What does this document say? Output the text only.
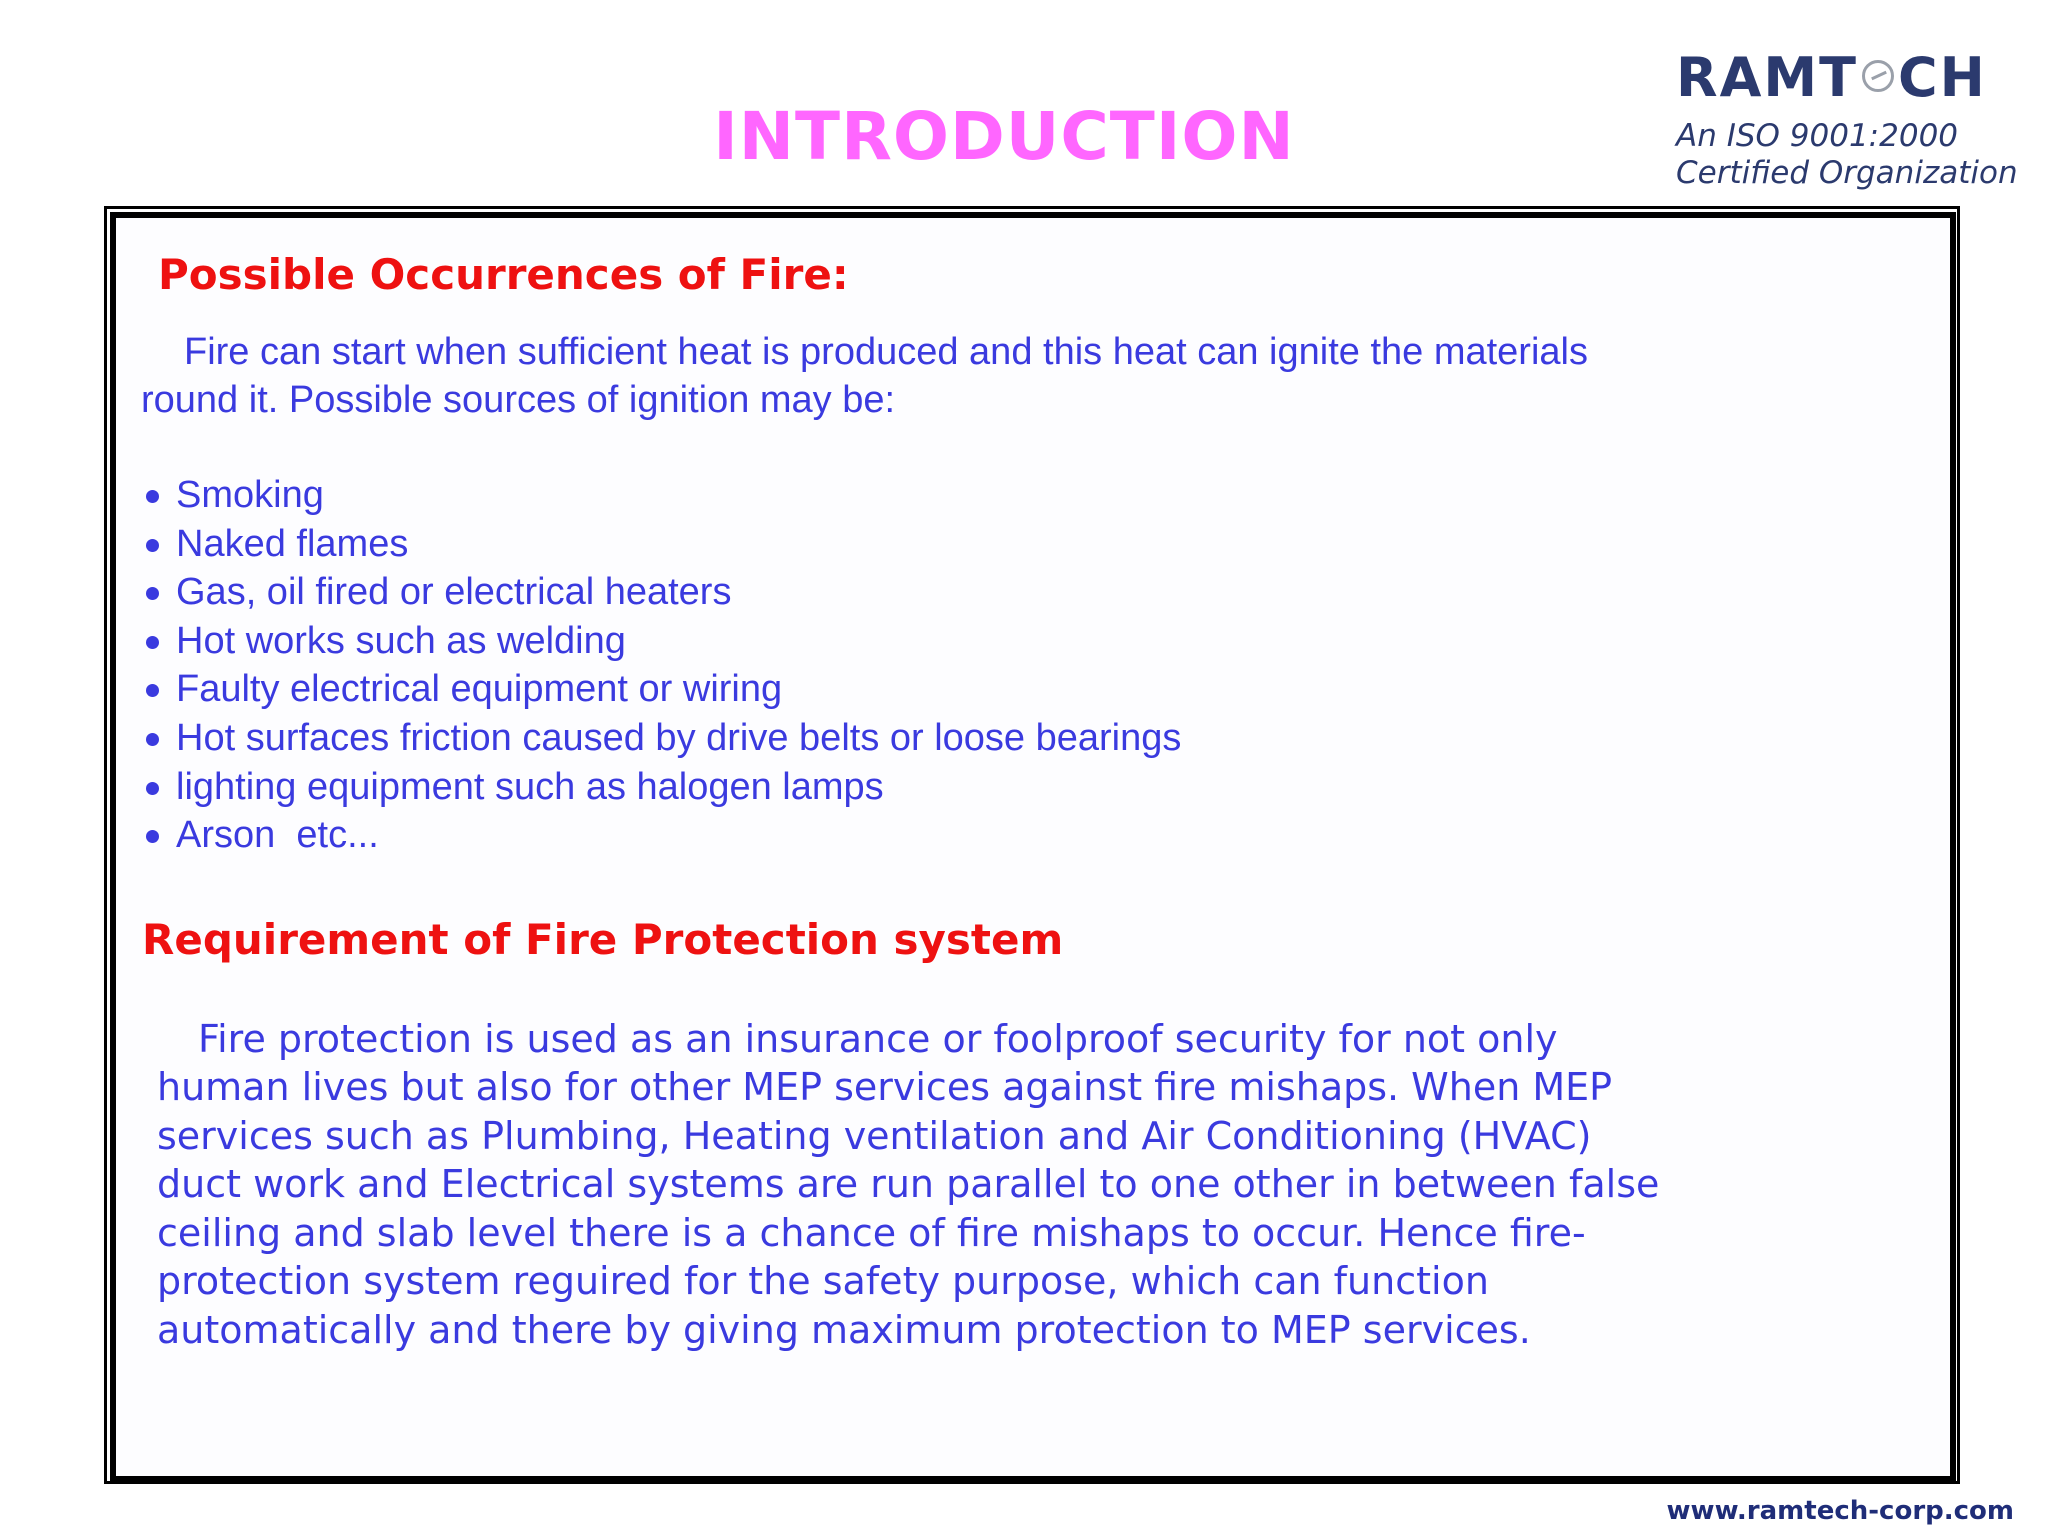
INTRODUCTION
RAMT CH
An ISO 9001:2000
Certified Organization
Possible Occurrences of Fire:
Fire can start when sufficient heat is produced and this heat can ignite the materials
round it. Possible sources of ignition may be:
Smoking
Naked flames
Gas, oil fired or electrical heaters
Hot works such as welding
Faulty electrical equipment or wiring
Hot surfaces friction caused by drive belts or loose bearings
lighting equipment such as halogen lamps
Arson  etc...
Requirement of Fire Protection system
Fire protection is used as an insurance or foolproof security for not only
human lives but also for other MEP services against fire mishaps. When MEP
services such as Plumbing, Heating ventilation and Air Conditioning (HVAC)
duct work and Electrical systems are run parallel to one other in between false
ceiling and slab level there is a chance of fire mishaps to occur. Hence fire-
protection system reguired for the safety purpose, which can function
automatically and there by giving maximum protection to MEP services.
www.ramtech-corp.com
